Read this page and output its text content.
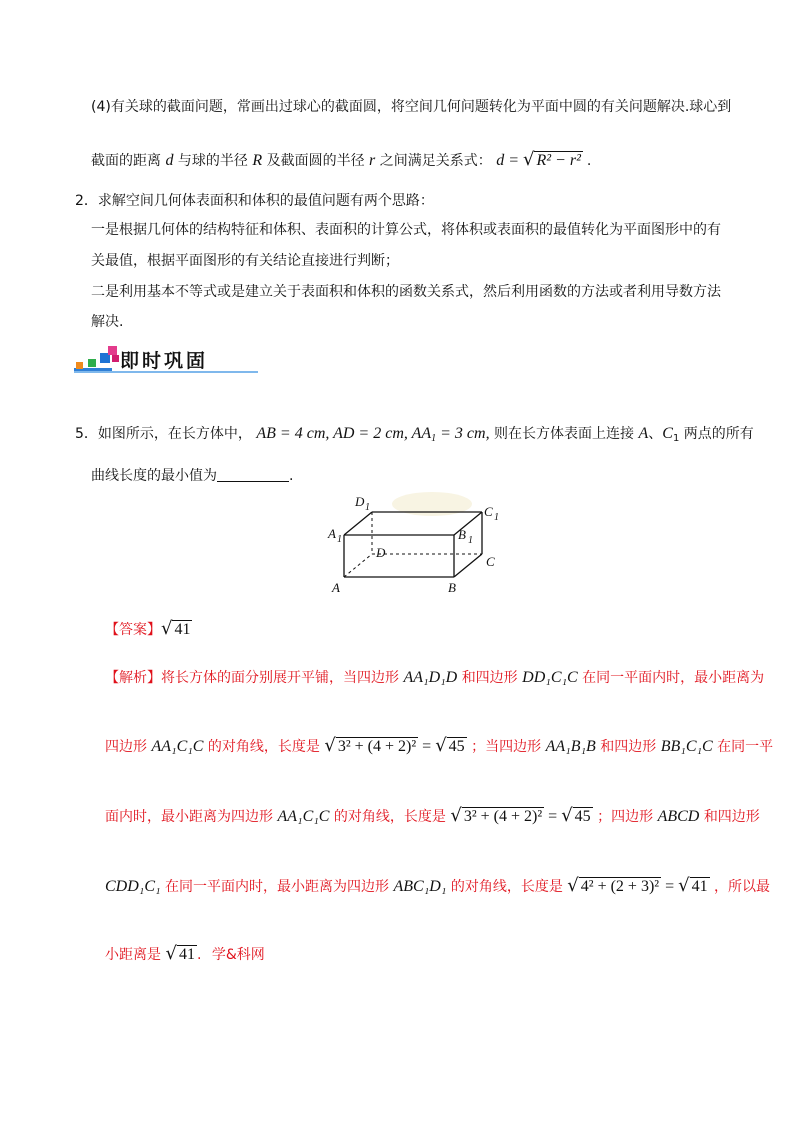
(4)有关球的截面问题，常画出过球心的截面圆，将空间几何问题转化为平面中圆的有关问题解决.球心到
截面的距离 d 与球的半径 R 及截面圆的半径 r 之间满足关系式： d = √ R² − r² .
2．求解空间几何体表面积和体积的最值问题有两个思路：
一是根据几何体的结构特征和体积、表面积的计算公式，将体积或表面积的最值转化为平面图形中的有
关最值，根据平面图形的有关结论直接进行判断；
二是利用基本不等式或是建立关于表面积和体积的函数关系式，然后利用函数的方法或者利用导数方法
解决.
即时巩固
5．如图所示，在长方体中， AB = 4 cm, AD = 2 cm, $AA_1 = 3$ cm, 则在长方体表面上连接 A、$C_1$ 两点的所有
曲线长度的最小值为	.
D 1	C 1
A 1	B 1
D
C
A	B
【答案】√ 41
【解析】将长方体的面分别展开平铺，当四边形 AA₁D₁D 和四边形 DD₁C₁C 在同一平面内时，最小距离为
四边形 AA₁C₁C 的对角线，长度是 √ 3² + (4 + 2)² = √ 45 ；当四边形 AA₁B₁B 和四边形 BB₁C₁C 在同一平
面内时，最小距离为四边形 AA₁C₁C 的对角线，长度是 √ 3² + (4 + 2)² = √ 45 ；四边形 ABCD 和四边形
CDD₁C₁ 在同一平面内时，最小距离为四边形 ABC₁D₁ 的对角线，长度是 √ 4² + (2 + 3)² = √ 41 ，所以最
小距离是 √ 41 . 学&科网
